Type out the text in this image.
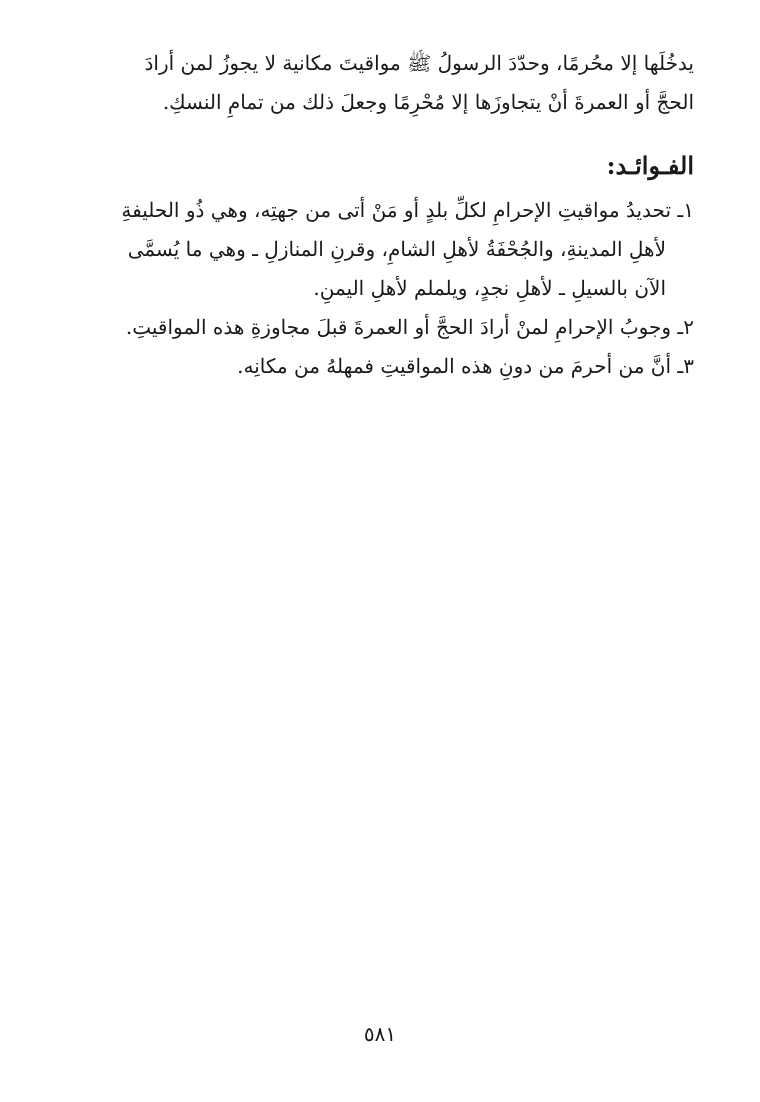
يدخُلَها إلا محُرمًا، وحدّدَ الرسولُ ﷺ مواقيتَ مكانية لا يجوزُ لمن أرادَ
الحجَّ أو العمرةَ أنْ يتجاوزَها إلا مُحْرِمًا وجعلَ ذلك من تمامِ النسكِ.
الفـوائـد:
١ـ تحديدُ مواقيتِ الإحرامِ لكلِّ بلدٍ أو مَنْ أتى من جهتِه، وهي ذُو الحليفةِ
لأهلِ المدينةِ، والجُحْفَةُ لأهلِ الشامِ، وقرنِ المنازلِ ـ وهي ما يُسمَّى
الآن بالسيلِ ـ لأهلِ نجدٍ، ويلملم لأهلِ اليمنِ.
٢ـ وجوبُ الإحرامِ لمنْ أرادَ الحجَّ أو العمرةَ قبلَ مجاوزةِ هذه المواقيتِ.
٣ـ أنَّ من أحرمَ من دونِ هذه المواقيتِ فمهلهُ من مكانِه.
٥٨١
